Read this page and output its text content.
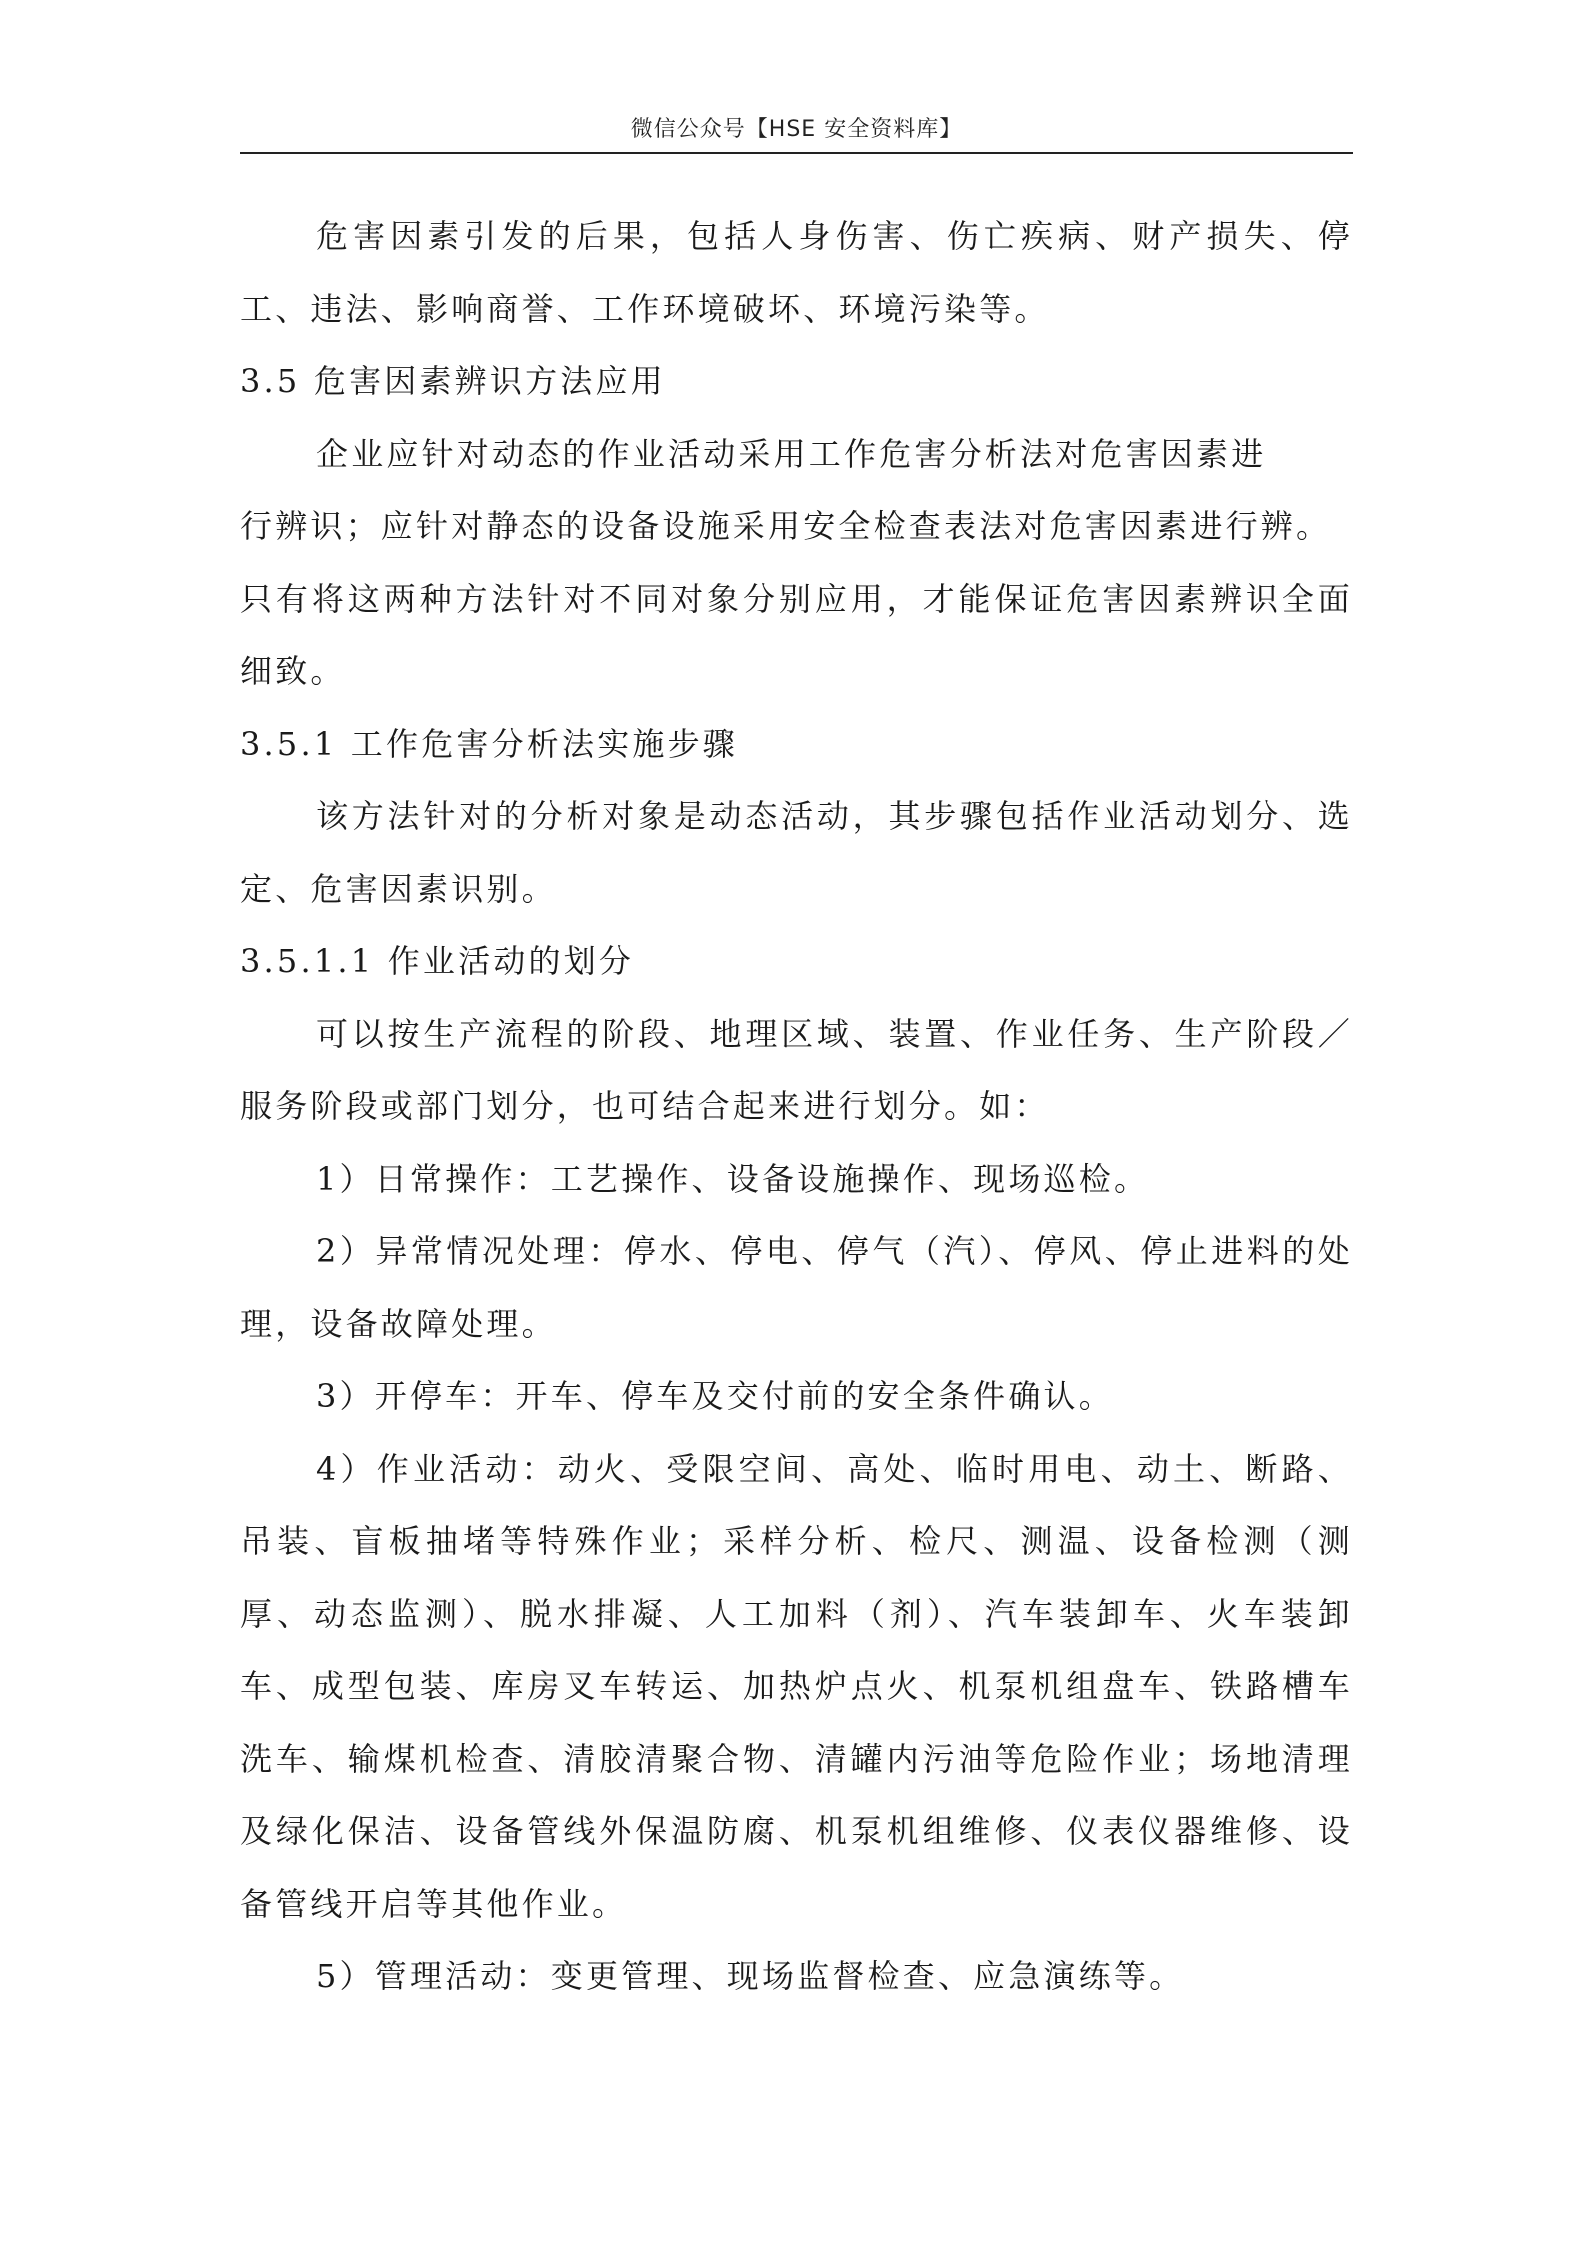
微信公众号【HSE 安全资料库】

危害因素引发的后果，包括人身伤害、伤亡疾病、财产损失、停工、违法、影响商誉、工作环境破坏、环境污染等。

3.5 危害因素辨识方法应用

企业应针对动态的作业活动采用工作危害分析法对危害因素进

行辨识；应针对静态的设备设施采用安全检查表法对危害因素进行辨。

只有将这两种方法针对不同对象分别应用，才能保证危害因素辨识全面细致。

3.5.1 工作危害分析法实施步骤

该方法针对的分析对象是动态活动，其步骤包括作业活动划分、选定、危害因素识别。

3.5.1.1 作业活动的划分

可以按生产流程的阶段、地理区域、装置、作业任务、生产阶段／服务阶段或部门划分，也可结合起来进行划分。如：

1）日常操作：工艺操作、设备设施操作、现场巡检。

2）异常情况处理：停水、停电、停气（汽）、停风、停止进料的处理，设备故障处理。

3）开停车：开车、停车及交付前的安全条件确认。

4）作业活动：动火、受限空间、高处、临时用电、动土、断路、吊装、盲板抽堵等特殊作业；采样分析、检尺、测温、设备检测（测厚、动态监测）、脱水排凝、人工加料（剂）、汽车装卸车、火车装卸车、成型包装、库房叉车转运、加热炉点火、机泵机组盘车、铁路槽车洗车、输煤机检查、清胶清聚合物、清罐内污油等危险作业；场地清理及绿化保洁、设备管线外保温防腐、机泵机组维修、仪表仪器维修、设备管线开启等其他作业。

5）管理活动：变更管理、现场监督检查、应急演练等。
